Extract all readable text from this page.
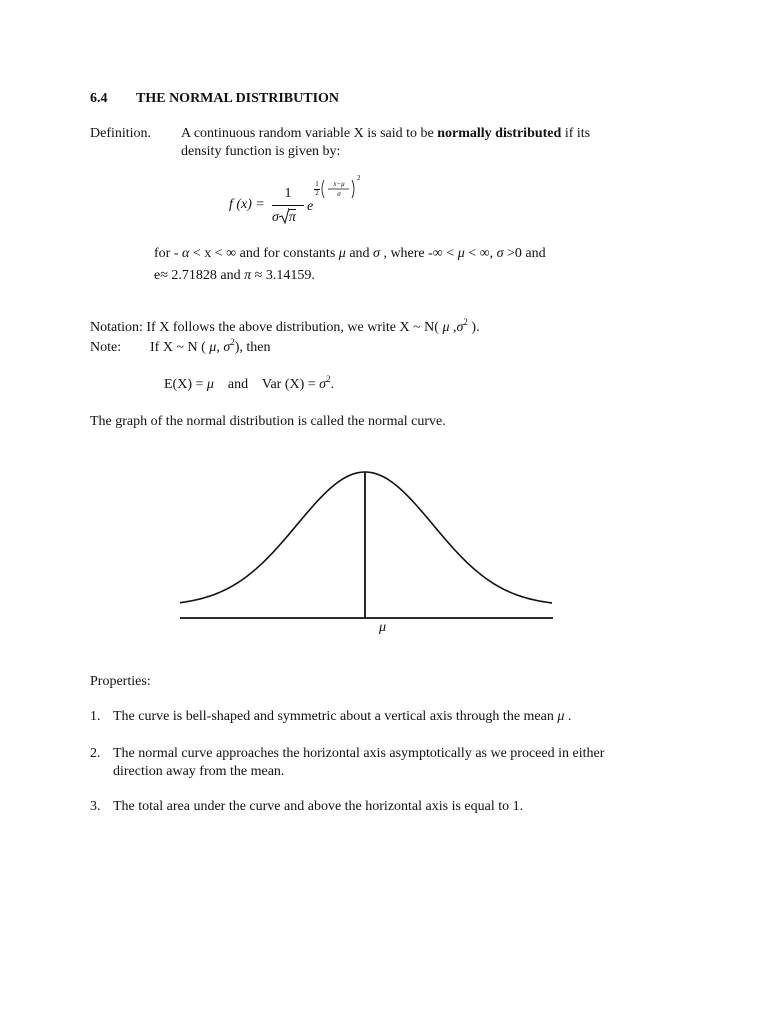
6.4 THE NORMAL DISTRIBUTION
Definition. A continuous random variable X is said to be normally distributed if its
density function is given by:
f (x) =
1
σ π
e
1
2
x−μ
σ
2
for - α < x < ∞ and for constants μ and σ , where -∞ < μ < ∞, σ >0 and
e≈ 2.71828 and π ≈ 3.14159.
Notation: If X follows the above distribution, we write X ~ N( μ $,\sigma^2$ ).
Note: If X ~ N ( μ, $\sigma^2$), then
E(X) = μ    and    Var $(X) = \sigma^2$.
The graph of the normal distribution is called the normal curve.
μ
Properties:
1. The curve is bell-shaped and symmetric about a vertical axis through the mean μ .
2. The normal curve approaches the horizontal axis asymptotically as we proceed in either
direction away from the mean.
3. The total area under the curve and above the horizontal axis is equal to 1.
